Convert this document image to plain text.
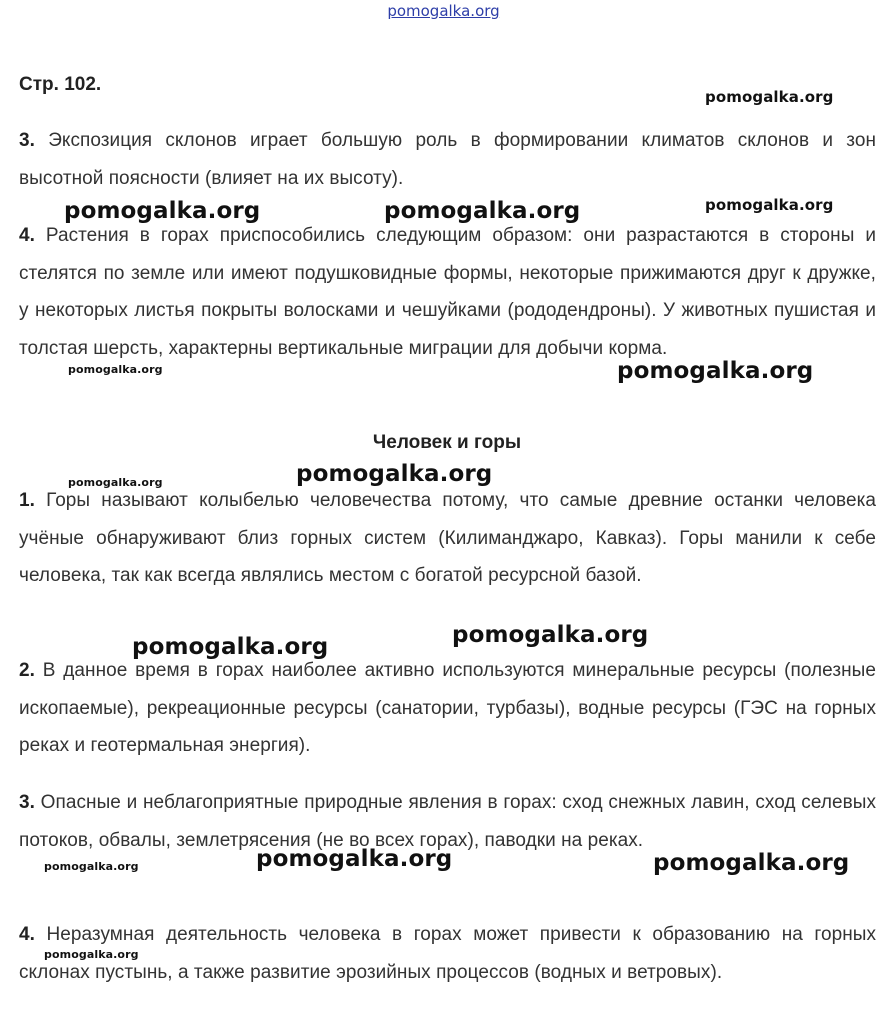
pomogalka.org
Стр. 102.

3. Экспозиция склонов играет большую роль в формировании климатов склонов и зон высотной поясности (влияет на их высоту).

4. Растения в горах приспособились следующим образом: они разрастаются в стороны и стелятся по земле или имеют подушковидные формы, некоторые прижимаются друг к дружке, у некоторых листья покрыты волосками и чешуйками (рододендроны). У животных пушистая и толстая шерсть, характерны вертикальные миграции для добычи корма.

Человек и горы

1. Горы называют колыбелью человечества потому, что самые древние останки человека учёные обнаруживают близ горных систем (Килиманджаро, Кавказ). Горы манили к себе человека, так как всегда являлись местом с богатой ресурсной базой.

2. В данное время в горах наиболее активно используются минеральные ресурсы (полезные ископаемые), рекреационные ресурсы (санатории, турбазы), водные ресурсы (ГЭС на горных реках и геотермальная энергия).

3. Опасные и неблагоприятные природные явления в горах: сход снежных лавин, сход селевых потоков, обвалы, землетрясения (не во всех горах), паводки на реках.

4. Неразумная деятельность человека в горах может привести к образованию на горных склонах пустынь, а также развитие эрозийных процессов (водных и ветровых).

pomogalka.org
pomogalka.org	pomogalka.org	pomogalka.org
pomogalka.org	pomogalka.org
pomogalka.org	pomogalka.org
pomogalka.org	pomogalka.org
pomogalka.org
pomogalka.org	pomogalka.org
pomogalka.org
